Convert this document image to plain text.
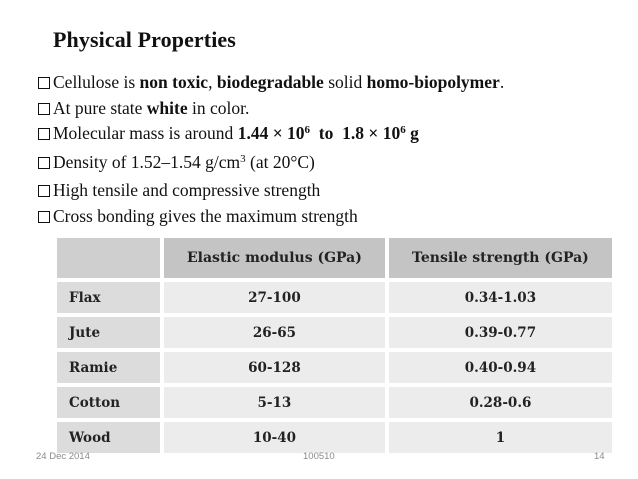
Physical Properties
Cellulose is non toxic , biodegradable solid homo-biopolymer .
At pure state white in color.
Molecular mass is around 1.44 × 10 6 to  1.8 × 10 6 g
Density of 1.52–1.54 g/cm 3 (at 20°C)
High tensile and compressive strength
Cross bonding gives the maximum strength
	Elastic modulus (GPa)	Tensile strength (GPa)
Flax	27-100	0.34-1.03
Jute	26-65	0.39-0.77
Ramie	60-128	0.40-0.94
Cotton	5-13	0.28-0.6
Wood	10-40	1
24 Dec 2014	100510	14
